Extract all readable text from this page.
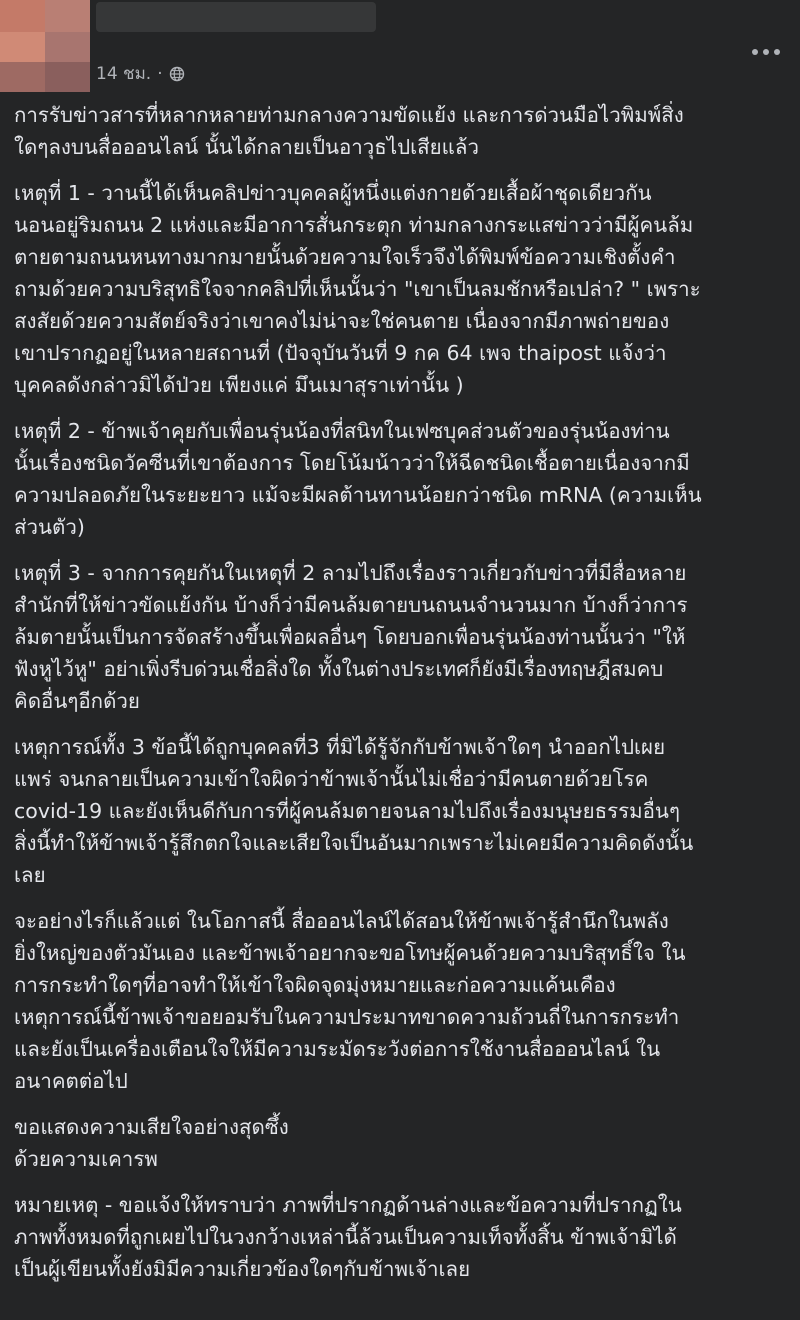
14 ชม. ·

การรับข่าวสารที่หลากหลายท่ามกลางความขัดแย้ง และการด่วนมือไวพิมพ์สิ่ง
ใดๆลงบนสื่อออนไลน์ นั้นได้กลายเป็นอาวุธไปเสียแล้ว

เหตุที่ 1 - วานนี้ได้เห็นคลิปข่าวบุคคลผู้หนึ่งแต่งกายด้วยเสื้อผ้าชุดเดียวกัน
นอนอยู่ริมถนน 2 แห่งและมีอาการสั่นกระตุก ท่ามกลางกระแสข่าวว่ามีผู้คนล้ม
ตายตามถนนหนทางมากมายนั้นด้วยความใจเร็วจึงได้พิมพ์ข้อความเชิงตั้งคำ
ถามด้วยความบริสุทธิใจจากคลิปที่เห็นนั้นว่า "เขาเป็นลมชักหรือเปล่า? " เพราะ
สงสัยด้วยความสัตย์จริงว่าเขาคงไม่น่าจะใช่คนตาย เนื่องจากมีภาพถ่ายของ
เขาปรากฏอยู่ในหลายสถานที่ (ปัจจุบันวันที่ 9 กค 64 เพจ thaipost แจ้งว่า
บุคคลดังกล่าวมิได้ป่วย เพียงแค่ มึนเมาสุราเท่านั้น )

เหตุที่ 2 - ข้าพเจ้าคุยกับเพื่อนรุ่นน้องที่สนิทในเฟซบุคส่วนตัวของรุ่นน้องท่าน
นั้นเรื่องชนิดวัคซีนที่เขาต้องการ โดยโน้มน้าวว่าให้ฉีดชนิดเชื้อตายเนื่องจากมี
ความปลอดภัยในระยะยาว แม้จะมีผลต้านทานน้อยกว่าชนิด mRNA (ความเห็น
ส่วนตัว)

เหตุที่ 3 - จากการคุยกันในเหตุที่ 2 ลามไปถึงเรื่องราวเกี่ยวกับข่าวที่มีสื่อหลาย
สำนักที่ให้ข่าวขัดแย้งกัน บ้างก็ว่ามีคนล้มตายบนถนนจำนวนมาก บ้างก็ว่าการ
ล้มตายนั้นเป็นการจัดสร้างขึ้นเพื่อผลอื่นๆ โดยบอกเพื่อนรุ่นน้องท่านนั้นว่า "ให้
ฟังหูไว้หู" อย่าเพิ่งรีบด่วนเชื่อสิ่งใด ทั้งในต่างประเทศก็ยังมีเรื่องทฤษฎีสมคบ
คิดอื่นๆอีกด้วย

เหตุการณ์ทั้ง 3 ข้อนี้ได้ถูกบุคคลที่3 ที่มิได้รู้จักกับข้าพเจ้าใดๆ นำออกไปเผย
แพร่ จนกลายเป็นความเข้าใจผิดว่าข้าพเจ้านั้นไม่เชื่อว่ามีคนตายด้วยโรค
covid-19 และยังเห็นดีกับการที่ผู้คนล้มตายจนลามไปถึงเรื่องมนุษยธรรมอื่นๆ
สิ่งนี้ทำให้ข้าพเจ้ารู้สึกตกใจและเสียใจเป็นอันมากเพราะไม่เคยมีความคิดดังนั้น
เลย

จะอย่างไรก็แล้วแต่ ในโอกาสนี้ สื่อออนไลน์ได้สอนให้ข้าพเจ้ารู้สำนึกในพลัง
ยิ่งใหญ่ของตัวมันเอง และข้าพเจ้าอยากจะขอโทษผู้คนด้วยความบริสุทธิ์ใจ ใน
การกระทำใดๆที่อาจทำให้เข้าใจผิดจุดมุ่งหมายและก่อความแค้นเคือง
เหตุการณ์นี้ข้าพเจ้าขอยอมรับในความประมาทขาดความถ้วนถี่ในการกระทำ
และยังเป็นเครื่องเตือนใจให้มีความระมัดระวังต่อการใช้งานสื่อออนไลน์ ใน
อนาคตต่อไป

ขอแสดงความเสียใจอย่างสุดซึ้ง
ด้วยความเคารพ

หมายเหตุ - ขอแจ้งให้ทราบว่า ภาพที่ปรากฏด้านล่างและข้อความที่ปรากฏใน
ภาพทั้งหมดที่ถูกเผยไปในวงกว้างเหล่านี้ล้วนเป็นความเท็จทั้งสิ้น ข้าพเจ้ามิได้
เป็นผู้เขียนทั้งยังมิมีความเกี่ยวข้องใดๆกับข้าพเจ้าเลย
